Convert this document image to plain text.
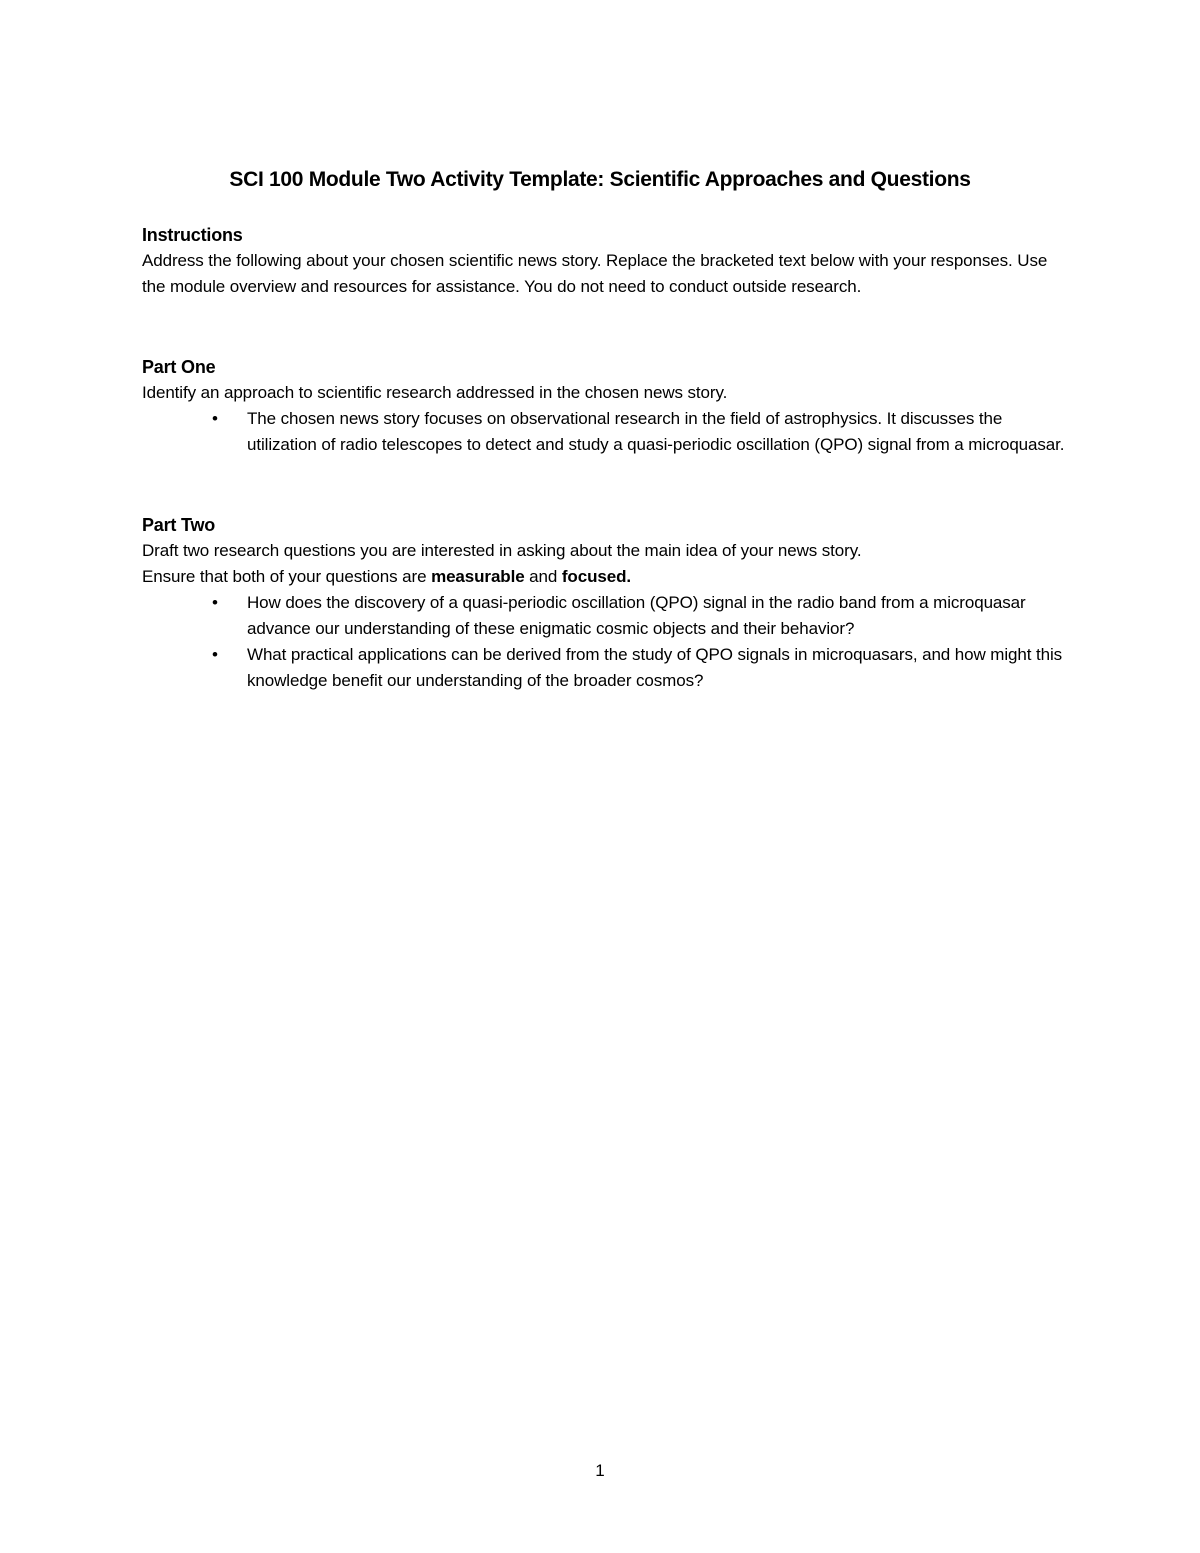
SCI 100 Module Two Activity Template: Scientific Approaches and Questions
Instructions

Address the following about your chosen scientific news story. Replace the bracketed text below with your responses. Use the module overview and resources for assistance. You do not need to conduct outside research.

Part One

Identify an approach to scientific research addressed in the chosen news story.

• The chosen news story focuses on observational research in the field of astrophysics. It discusses the utilization of radio telescopes to detect and study a quasi-periodic oscillation (QPO) signal from a microquasar.
Part Two

Draft two research questions you are interested in asking about the main idea of your news story.

Ensure that both of your questions are measurable and focused.

• How does the discovery of a quasi-periodic oscillation (QPO) signal in the radio band from a microquasar advance our understanding of these enigmatic cosmic objects and their behavior?
• What practical applications can be derived from the study of QPO signals in microquasars, and how might this knowledge benefit our understanding of the broader cosmos?
1
